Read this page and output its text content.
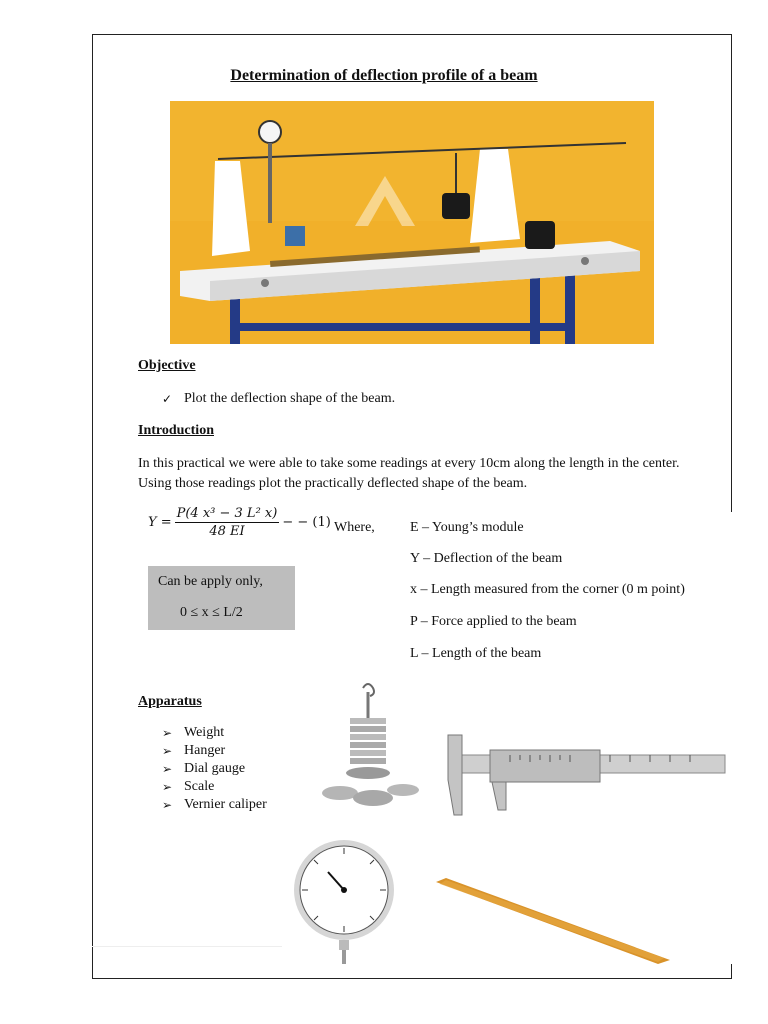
Determination of deflection profile of a beam
Objective
✓ Plot the deflection shape of the beam.
Introduction
In this practical we were able to take some readings at every 10cm along the length in the center. Using those readings plot the practically deflected shape of the beam.
$Y = \frac{\text{P(4 x³ − 3 L² x)}}{48 EI}$ − − (1) Where,	E – Young’s module
Y – Deflection of the beam
x – Length measured from the corner (0 m point)
P – Force applied to the beam
L – Length of the beam
Can be apply only,
0 ≤ x ≤ L/2
Apparatus
➢ Weight
➢ Hanger
➢ Dial gauge
➢ Scale
➢ Vernier caliper
